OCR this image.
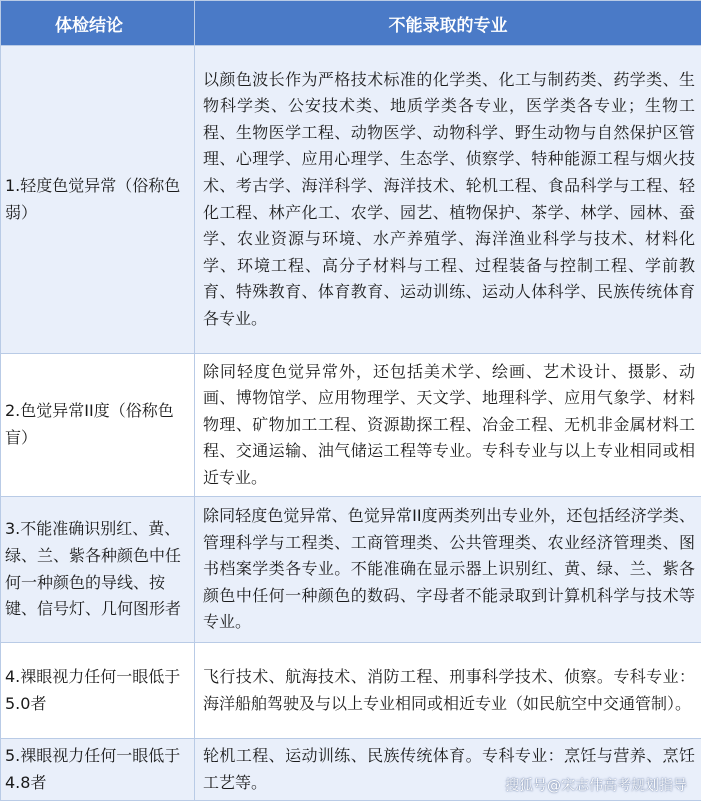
体检结论	不能录取的专业
1.轻度色觉异常（俗称色弱）	以颜色波长作为严格技术标准的化学类、化工与制药类、药学类、生物科学类、公安技术类、地质学类各专业，医学类各专业；生物工程、生物医学工程、动物医学、动物科学、野生动物与自然保护区管理、心理学、应用心理学、生态学、侦察学、特种能源工程与烟火技术、考古学、海洋科学、海洋技术、轮机工程、食品科学与工程、轻化工程、林产化工、农学、园艺、植物保护、茶学、林学、园林、蚕学、农业资源与环境、水产养殖学、海洋渔业科学与技术、材料化学、环境工程、高分子材料与工程、过程装备与控制工程、学前教育、特殊教育、体育教育、运动训练、运动人体科学、民族传统体育各专业。
2.色觉异常II度（俗称色盲）	除同轻度色觉异常外，还包括美术学、绘画、艺术设计、摄影、动画、博物馆学、应用物理学、天文学、地理科学、应用气象学、材料物理、矿物加工工程、资源勘探工程、冶金工程、无机非金属材料工程、交通运输、油气储运工程等专业。专科专业与以上专业相同或相近专业。
3.不能准确识别红、黄、绿、兰、紫各种颜色中任何一种颜色的导线、按键、信号灯、几何图形者	除同轻度色觉异常、色觉异常II度两类列出专业外，还包括经济学类、管理科学与工程类、工商管理类、公共管理类、农业经济管理类、图书档案学类各专业。不能准确在显示器上识别红、黄、绿、兰、紫各颜色中任何一种颜色的数码、字母者不能录取到计算机科学与技术等专业。
4.裸眼视力任何一眼低于5.0者	飞行技术、航海技术、消防工程、刑事科学技术、侦察。专科专业：海洋船舶驾驶及与以上专业相同或相近专业（如民航空中交通管制）。
5.裸眼视力任何一眼低于4.8者	轮机工程、运动训练、民族传统体育。专科专业：烹饪与营养、烹饪工艺等。	搜狐号@宋志伟高考规划指导
